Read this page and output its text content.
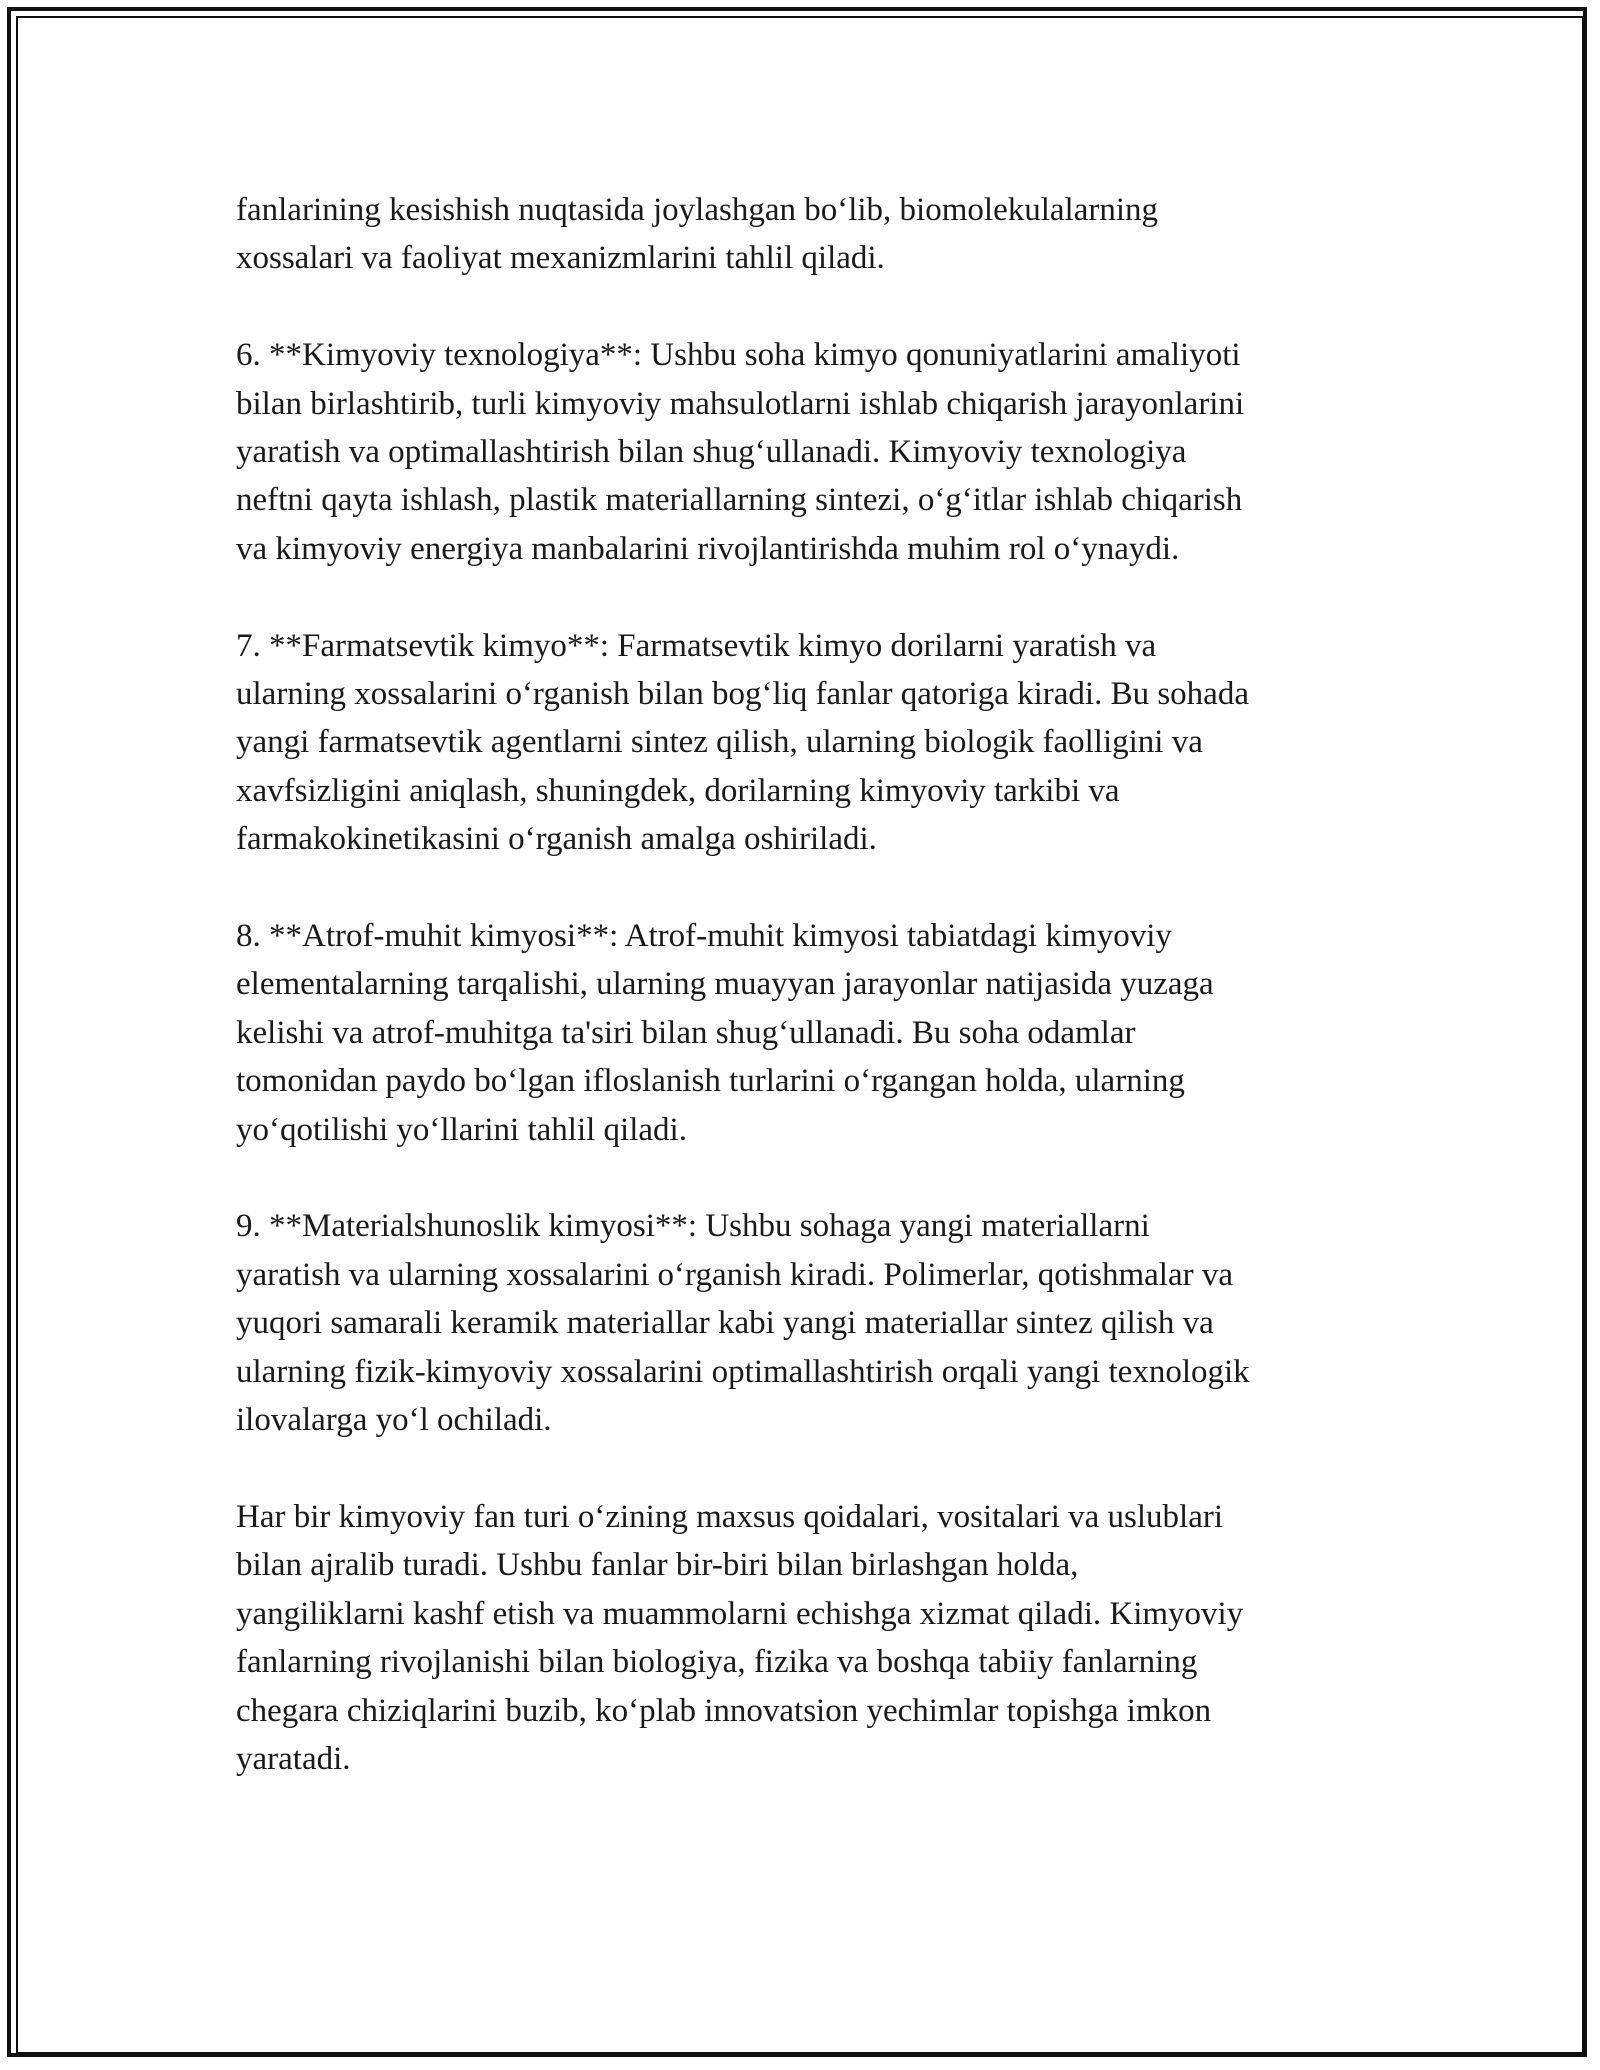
fanlarining kesishish nuqtasida joylashgan bo‘lib, biomolekulalarning
xossalari va faoliyat mexanizmlarini tahlil qiladi.

6. **Kimyoviy texnologiya**: Ushbu soha kimyo qonuniyatlarini amaliyoti
bilan birlashtirib, turli kimyoviy mahsulotlarni ishlab chiqarish jarayonlarini
yaratish va optimallashtirish bilan shug‘ullanadi. Kimyoviy texnologiya
neftni qayta ishlash, plastik materiallarning sintezi, o‘g‘itlar ishlab chiqarish
va kimyoviy energiya manbalarini rivojlantirishda muhim rol o‘ynaydi.

7. **Farmatsevtik kimyo**: Farmatsevtik kimyo dorilarni yaratish va
ularning xossalarini o‘rganish bilan bog‘liq fanlar qatoriga kiradi. Bu sohada
yangi farmatsevtik agentlarni sintez qilish, ularning biologik faolligini va
xavfsizligini aniqlash, shuningdek, dorilarning kimyoviy tarkibi va
farmakokinetikasini o‘rganish amalga oshiriladi.

8. **Atrof-muhit kimyosi**: Atrof-muhit kimyosi tabiatdagi kimyoviy
elementalarning tarqalishi, ularning muayyan jarayonlar natijasida yuzaga
kelishi va atrof-muhitga ta'siri bilan shug‘ullanadi. Bu soha odamlar
tomonidan paydo bo‘lgan ifloslanish turlarini o‘rgangan holda, ularning
yo‘qotilishi yo‘llarini tahlil qiladi.

9. **Materialshunoslik kimyosi**: Ushbu sohaga yangi materiallarni
yaratish va ularning xossalarini o‘rganish kiradi. Polimerlar, qotishmalar va
yuqori samarali keramik materiallar kabi yangi materiallar sintez qilish va
ularning fizik-kimyoviy xossalarini optimallashtirish orqali yangi texnologik
ilovalarga yo‘l ochiladi.

Har bir kimyoviy fan turi o‘zining maxsus qoidalari, vositalari va uslublari
bilan ajralib turadi. Ushbu fanlar bir-biri bilan birlashgan holda,
yangiliklarni kashf etish va muammolarni echishga xizmat qiladi. Kimyoviy
fanlarning rivojlanishi bilan biologiya, fizika va boshqa tabiiy fanlarning
chegara chiziqlarini buzib, ko‘plab innovatsion yechimlar topishga imkon
yaratadi.
